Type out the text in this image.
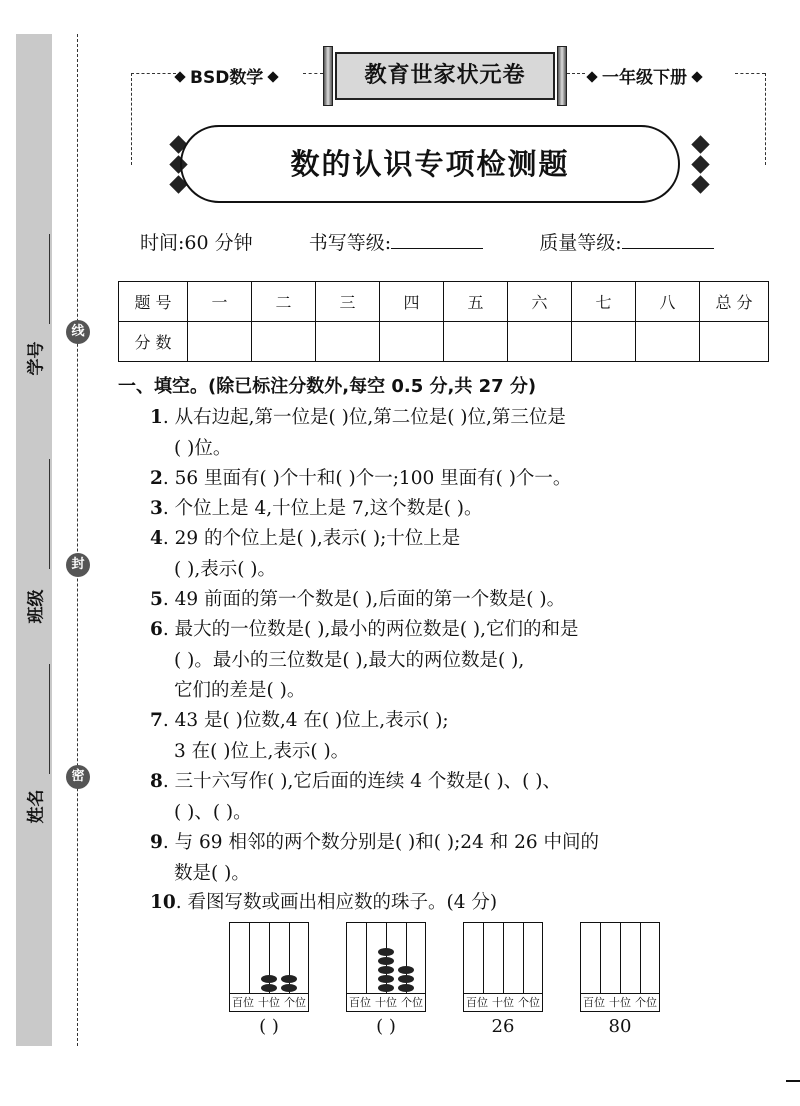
学号
班级
姓名
线
封
密
BSD数学	教育世家状元卷	一年级下册
数的认识专项检测题
时间:60 分钟	书写等级:	质量等级:
题 号	一	二	三	四	五	六	七	八	总 分
分 数									
一、填空。(除已标注分数外,每空 0.5 分,共 27 分)
1. 从右边起,第一位是( )位,第二位是( )位,第三位是
( )位。
2. 56 里面有( )个十和( )个一;100 里面有( )个一。
3. 个位上是 4,十位上是 7,这个数是( )。
4. 29 的个位上是( ),表示( );十位上是
( ),表示( )。
5. 49 前面的第一个数是( ),后面的第一个数是( )。
6. 最大的一位数是( ),最小的两位数是( ),它们的和是
( )。最小的三位数是( ),最大的两位数是( ),
它们的差是( )。
7. 43 是( )位数,4 在( )位上,表示( );
3 在( )位上,表示( )。
8. 三十六写作( ),它后面的连续 4 个数是( )、( )、
( )、( )。
9. 与 69 相邻的两个数分别是( )和( );24 和 26 中间的
数是( )。
10. 看图写数或画出相应数的珠子。(4 分)
百位 十位 个位
( )
百位 十位 个位
( )
百位 十位 个位
26
百位 十位 个位
80
